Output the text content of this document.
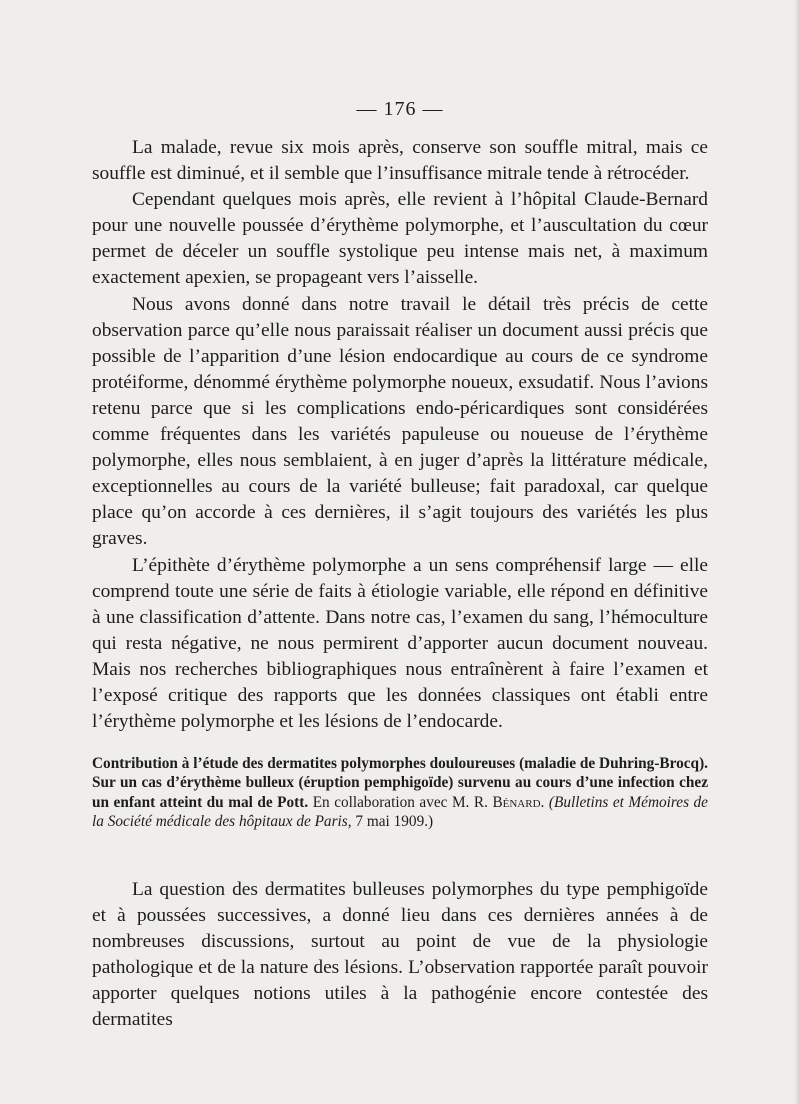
— 176 —

La malade, revue six mois après, conserve son souffle mitral, mais ce souffle est diminué, et il semble que l’insuffisance mitrale tende à rétrocéder.

Cependant quelques mois après, elle revient à l’hôpital Claude-Bernard pour une nouvelle poussée d’érythème polymorphe, et l’auscultation du cœur permet de déceler un souffle systolique peu intense mais net, à maximum exactement apexien, se propageant vers l’aisselle.

Nous avons donné dans notre travail le détail très précis de cette observation parce qu’elle nous paraissait réaliser un document aussi précis que possible de l’apparition d’une lésion endocardique au cours de ce syndrome protéiforme, dénommé érythème polymorphe noueux, exsudatif. Nous l’avions retenu parce que si les complications endo-péricardiques sont considérées comme fréquentes dans les variétés papuleuse ou noueuse de l’érythème polymorphe, elles nous semblaient, à en juger d’après la littérature médicale, exceptionnelles au cours de la variété bulleuse; fait paradoxal, car quelque place qu’on accorde à ces dernières, il s’agit toujours des variétés les plus graves.

L’épithète d’érythème polymorphe a un sens compréhensif large — elle comprend toute une série de faits à étiologie variable, elle répond en définitive à une classification d’attente. Dans notre cas, l’examen du sang, l’hémoculture qui resta négative, ne nous permirent d’apporter aucun document nouveau. Mais nos recherches bibliographiques nous entraînèrent à faire l’examen et l’exposé critique des rapports que les données classiques ont établi entre l’érythème polymorphe et les lésions de l’endocarde.

Contribution à l’étude des dermatites polymorphes douloureuses (maladie de Duhring-Brocq). Sur un cas d’érythème bulleux (éruption pemphigoïde) survenu au cours d’une infection chez un enfant atteint du mal de Pott. En collaboration avec M. R. Bénard. (Bulletins et Mémoires de la Société médicale des hôpitaux de Paris, 7 mai 1909.)

La question des dermatites bulleuses polymorphes du type pemphigoïde et à poussées successives, a donné lieu dans ces dernières années à de nombreuses discussions, surtout au point de vue de la physiologie pathologique et de la nature des lésions. L’observation rapportée paraît pouvoir apporter quelques notions utiles à la pathogénie encore contestée des dermatites
